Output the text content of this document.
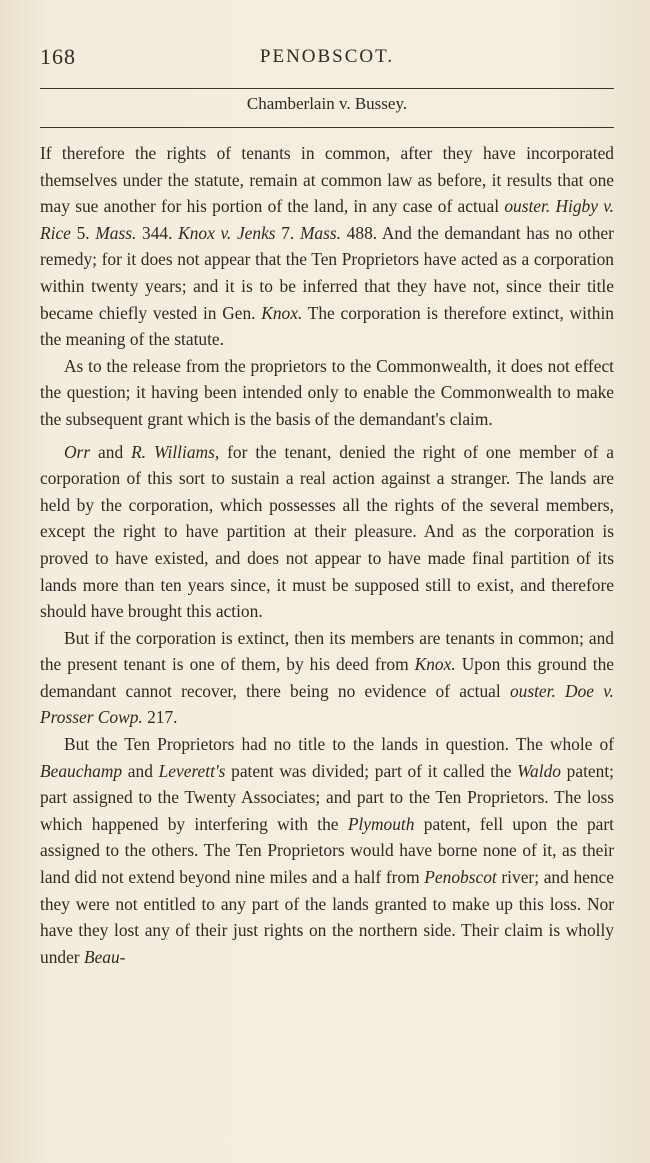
168	PENOBSCOT.
Chamberlain v. Bussey.

If therefore the rights of tenants in common, after they have incorporated themselves under the statute, remain at common law as before, it results that one may sue another for his portion of the land, in any case of actual ouster. Higby v. Rice 5. Mass. 344. Knox v. Jenks 7. Mass. 488. And the demandant has no other remedy; for it does not appear that the Ten Proprietors have acted as a corporation within twenty years; and it is to be inferred that they have not, since their title became chiefly vested in Gen. Knox. The corporation is therefore extinct, within the meaning of the statute.

As to the release from the proprietors to the Commonwealth, it does not effect the question; it having been intended only to enable the Commonwealth to make the subsequent grant which is the basis of the demandant's claim.

Orr and R. Williams, for the tenant, denied the right of one member of a corporation of this sort to sustain a real action against a stranger. The lands are held by the corporation, which possesses all the rights of the several members, except the right to have partition at their pleasure. And as the corporation is proved to have existed, and does not appear to have made final partition of its lands more than ten years since, it must be supposed still to exist, and therefore should have brought this action.

But if the corporation is extinct, then its members are tenants in common; and the present tenant is one of them, by his deed from Knox. Upon this ground the demandant cannot recover, there being no evidence of actual ouster. Doe v. Prosser Cowp. 217.

But the Ten Proprietors had no title to the lands in question. The whole of Beauchamp and Leverett's patent was divided; part of it called the Waldo patent; part assigned to the Twenty Associates; and part to the Ten Proprietors. The loss which happened by interfering with the Plymouth patent, fell upon the part assigned to the others. The Ten Proprietors would have borne none of it, as their land did not extend beyond nine miles and a half from Penobscot river; and hence they were not entitled to any part of the lands granted to make up this loss. Nor have they lost any of their just rights on the northern side. Their claim is wholly under Beau-
